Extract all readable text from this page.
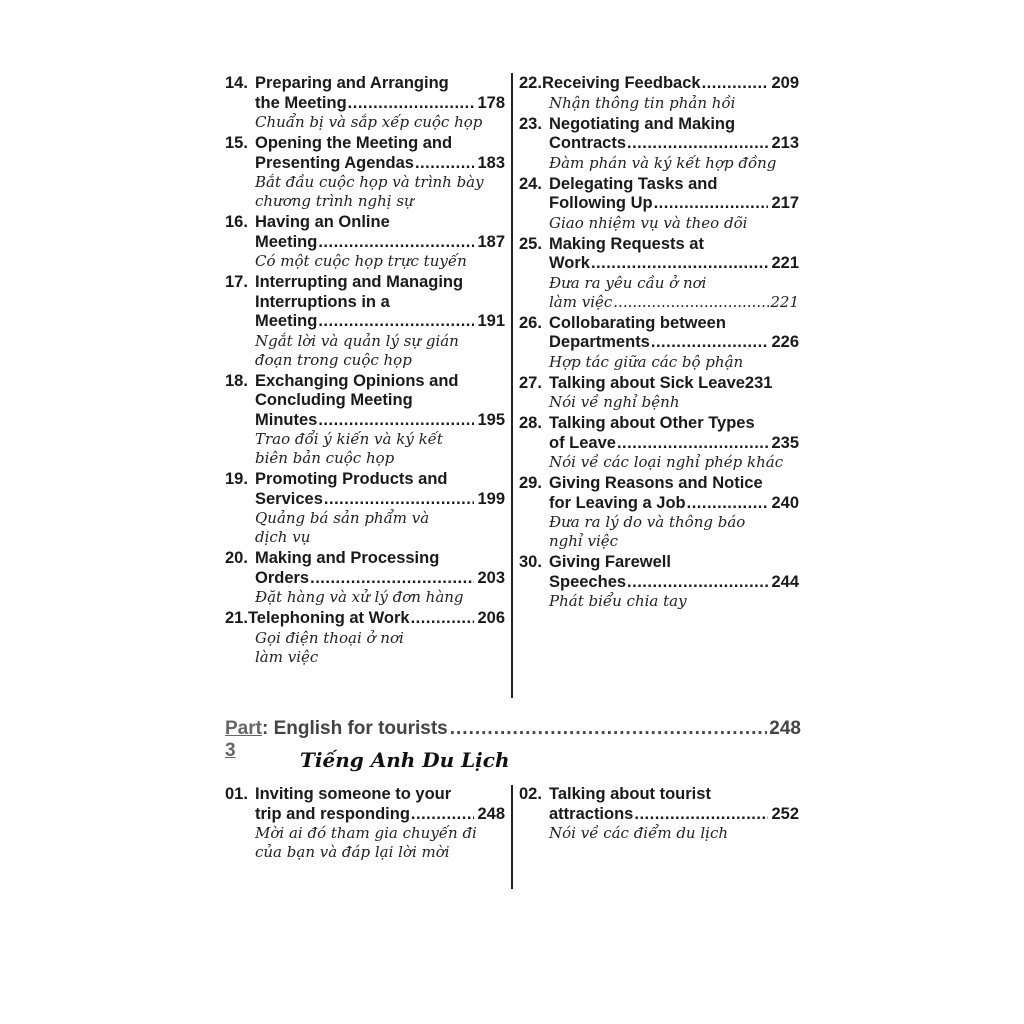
14. Preparing and Arranging
the Meeting .....	178
Chuẩn bị và sắp xếp cuộc họp
15. Opening the Meeting and
Presenting Agendas .....	183
Bắt đầu cuộc họp và trình bày
chương trình nghị sự
16. Having an Online
Meeting .....	187
Có một cuộc họp trực tuyến
17. Interrupting and Managing
Interruptions in a
Meeting .....	191
Ngắt lời và quản lý sự gián
đoạn trong cuộc họp
18. Exchanging Opinions and
Concluding Meeting
Minutes .....	195
Trao đổi ý kiến và ký kết
biên bản cuộc họp
19. Promoting Products and
Services .....	199
Quảng bá sản phẩm và
dịch vụ
20. Making and Processing
Orders .....	203
Đặt hàng và xử lý đơn hàng
21. Telephoning at Work .....	206
Gọi điện thoại ở nơi
làm việc
22. Receiving Feedback .....	209
Nhận thông tin phản hồi
23. Negotiating and Making
Contracts .....	213
Đàm phán và ký kết hợp đồng
24. Delegating Tasks and
Following Up .....	217
Giao nhiệm vụ và theo dõi
25. Making Requests at
Work .....	221
Đưa ra yêu cầu ở nơi
làm việc .....	221
26. Collobarating between
Departments .....	226
Hợp tác giữa các bộ phận
27. Talking about Sick Leave 231
Nói về nghỉ bệnh
28. Talking about Other Types
of Leave .....	235
Nói về các loại nghỉ phép khác
29. Giving Reasons and Notice
for Leaving a Job .....	240
Đưa ra lý do và thông báo
nghỉ việc
30. Giving Farewell
Speeches .....	244
Phát biểu chia tay
Part 3
: English for tourists .....	248
Tiếng Anh Du Lịch
01. Inviting someone to your
trip and responding .....	248
Mời ai đó tham gia chuyến đi
của bạn và đáp lại lời mời
02. Talking about tourist
attractions .....	252
Nói về các điểm du lịch
